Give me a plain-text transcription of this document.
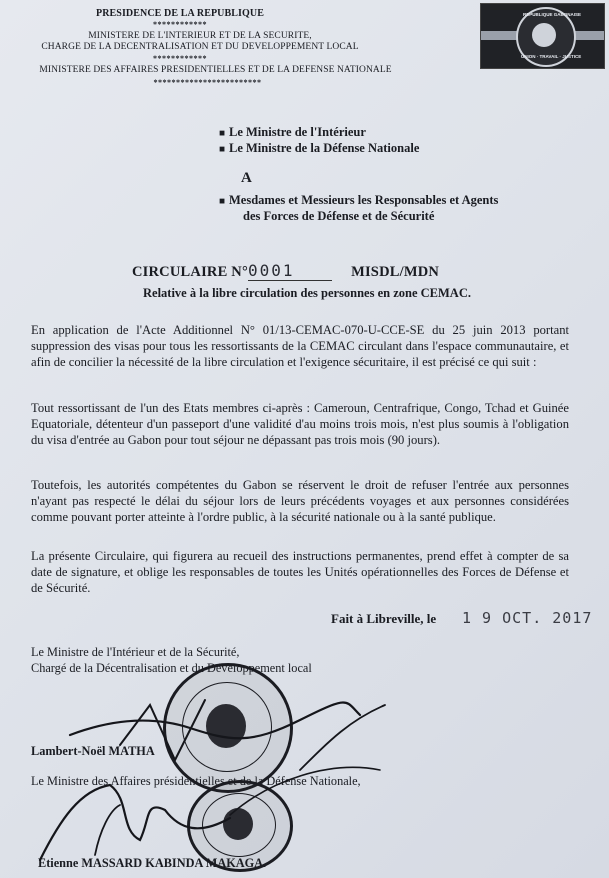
PRESIDENCE DE LA REPUBLIQUE
************
MINISTERE DE L'INTERIEUR ET DE LA SECURITE,
CHARGE DE LA DECENTRALISATION ET DU DEVELOPPEMENT LOCAL
************
MINISTERE DES AFFAIRES PRESIDENTIELLES ET DE LA DEFENSE NATIONALE
************************
REPUBLIQUE GABONAISE
UNION · TRAVAIL · JUSTICE
■ Le Ministre de l'Intérieur
■ Le Ministre de la Défense Nationale
A
■ Mesdames et Messieurs les Responsables et Agents
des Forces de Défense et de Sécurité
CIRCULAIRE N°0001	MISDL/MDN
Relative à la libre circulation des personnes en zone CEMAC.
En application de l'Acte Additionnel N° 01/13-CEMAC-070-U-CCE-SE du 25 juin 2013 portant suppression des visas pour tous les ressortissants de la CEMAC circulant dans l'espace communautaire, et afin de concilier la nécessité de la libre circulation et l'exigence sécuritaire, il est précisé ce qui suit :
Tout ressortissant de l'un des Etats membres ci-après : Cameroun, Centrafrique, Congo, Tchad et Guinée Equatoriale, détenteur d'un passeport d'une validité d'au moins trois mois, n'est plus soumis à l'obligation du visa d'entrée au Gabon pour tout séjour ne dépassant pas trois mois (90 jours).
Toutefois, les autorités compétentes du Gabon se réservent le droit de refuser l'entrée aux personnes n'ayant pas respecté le délai du séjour lors de leurs précédents voyages et aux personnes considérées comme pouvant porter atteinte à l'ordre public, à la sécurité nationale ou à la santé publique.
La présente Circulaire, qui figurera au recueil des instructions permanentes, prend effet à compter de sa date de signature, et oblige les responsables de toutes les Unités opérationnelles des Forces de Défense et de Sécurité.
Fait à Libreville, le 1 9 OCT. 2017
Le Ministre de l'Intérieur et de la Sécurité,
Chargé de la Décentralisation et du Développement local
Lambert-Noël MATHA
Le Ministre des Affaires présidentielles et de la Défense Nationale,
Etienne MASSARD KABINDA MAKAGA.
